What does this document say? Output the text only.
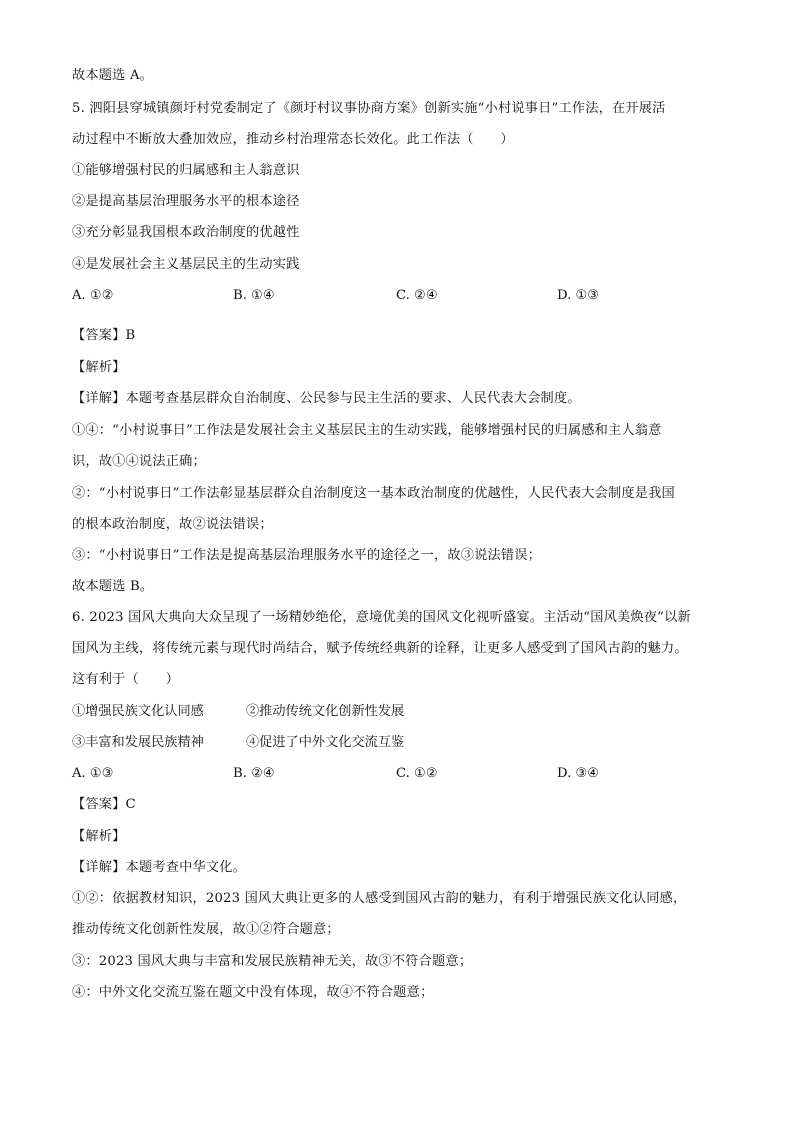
故本题选 A。
5. 泗阳县穿城镇颜圩村党委制定了《颜圩村议事协商方案》创新实施“小村说事日”工作法，在开展活
动过程中不断放大叠加效应，推动乡村治理常态长效化。此工作法（　　）
①能够增强村民的归属感和主人翁意识
②是提高基层治理服务水平的根本途径
③充分彰显我国根本政治制度的优越性
④是发展社会主义基层民主的生动实践
A. ①②	B. ①④	C. ②④	D. ①③
【答案】B
【解析】
【详解】本题考查基层群众自治制度、公民参与民主生活的要求、人民代表大会制度。
①④：“小村说事日”工作法是发展社会主义基层民主的生动实践，能够增强村民的归属感和主人翁意
识，故①④说法正确；
②：“小村说事日”工作法彰显基层群众自治制度这一基本政治制度的优越性，人民代表大会制度是我国
的根本政治制度，故②说法错误；
③：“小村说事日”工作法是提高基层治理服务水平的途径之一，故③说法错误；
故本题选 B。
6. 2023 国风大典向大众呈现了一场精妙绝伦，意境优美的国风文化视听盛宴。主活动“国风美焕夜”以新
国风为主线，将传统元素与现代时尚结合，赋予传统经典新的诠释，让更多人感受到了国风古韵的魅力。
这有利于（　　）
①增强民族文化认同感	②推动传统文化创新性发展
③丰富和发展民族精神	④促进了中外文化交流互鉴
A. ①③	B. ②④	C. ①②	D. ③④
【答案】C
【解析】
【详解】本题考查中华文化。
①②：依据教材知识，2023 国风大典让更多的人感受到国风古韵的魅力，有利于增强民族文化认同感，
推动传统文化创新性发展，故①②符合题意；
③：2023 国风大典与丰富和发展民族精神无关，故③不符合题意；
④：中外文化交流互鉴在题文中没有体现，故④不符合题意；
